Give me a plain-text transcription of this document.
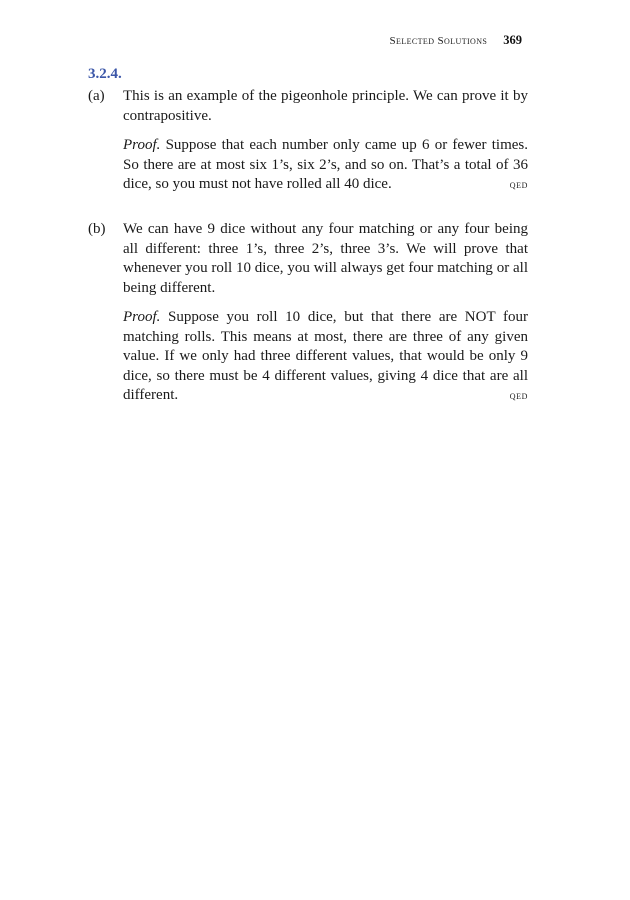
Selected Solutions 369
3.2.4.
(a)	This is an example of the pigeonhole principle. We can prove it by contrapositive.

Proof. Suppose that each number only came up 6 or fewer times. So there are at most six 1’s, six 2’s, and so on. That’s a total of 36 dice, so you must not have rolled all 40 dice.	qed

(b)	We can have 9 dice without any four matching or any four being all different: three 1’s, three 2’s, three 3’s. We will prove that whenever you roll 10 dice, you will always get four matching or all being different.

Proof. Suppose you roll 10 dice, but that there are NOT four matching rolls. This means at most, there are three of any given value. If we only had three different values, that would be only 9 dice, so there must be 4 different values, giving 4 dice that are all different.	qed
